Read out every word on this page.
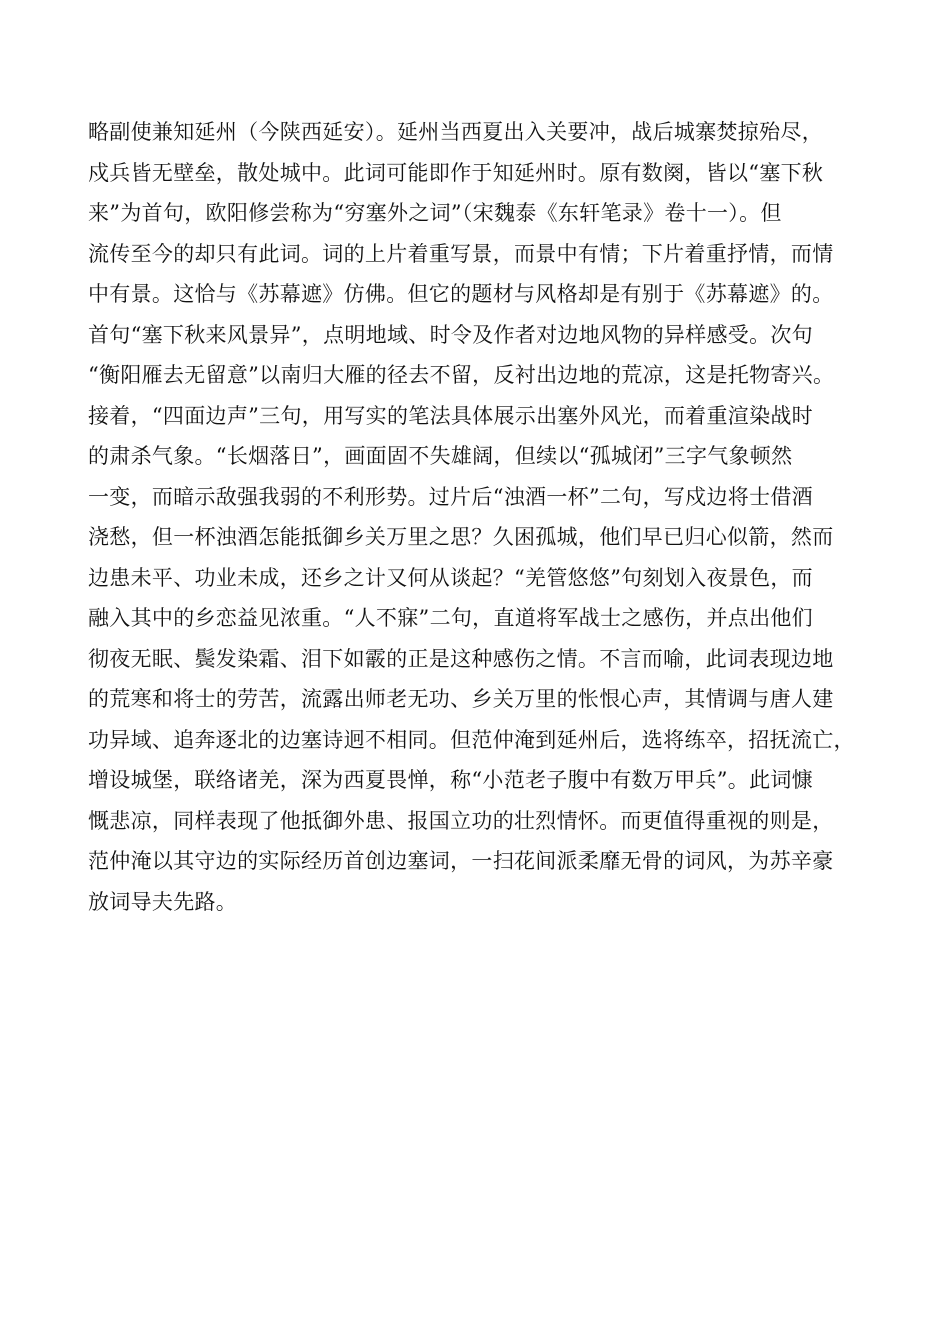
略副使兼知延州（今陕西延安）。延州当西夏出入关要冲，战后城寨焚掠殆尽，
戍兵皆无壁垒，散处城中。此词可能即作于知延州时。原有数阕，皆以“塞下秋
来”为首句，欧阳修尝称为“穷塞外之词”（宋魏泰《东轩笔录》卷十一）。但
流传至今的却只有此词。词的上片着重写景，而景中有情；下片着重抒情，而情
中有景。这恰与《苏幕遮》仿佛。但它的题材与风格却是有别于《苏幕遮》的。
首句“塞下秋来风景异”，点明地域、时令及作者对边地风物的异样感受。次句
“衡阳雁去无留意”以南归大雁的径去不留，反衬出边地的荒凉，这是托物寄兴。
接着，“四面边声”三句，用写实的笔法具体展示出塞外风光，而着重渲染战时
的肃杀气象。“长烟落日”，画面固不失雄阔，但续以“孤城闭”三字气象顿然
一变，而暗示敌强我弱的不利形势。过片后“浊酒一杯”二句，写戍边将士借酒
浇愁，但一杯浊酒怎能抵御乡关万里之思？久困孤城，他们早已归心似箭，然而
边患未平、功业未成，还乡之计又何从谈起？“羌管悠悠”句刻划入夜景色，而
融入其中的乡恋益见浓重。“人不寐”二句，直道将军战士之感伤，并点出他们
彻夜无眠、鬓发染霜、泪下如霰的正是这种感伤之情。不言而喻，此词表现边地
的荒寒和将士的劳苦，流露出师老无功、乡关万里的怅恨心声，其情调与唐人建
功异域、追奔逐北的边塞诗迥不相同。但范仲淹到延州后，选将练卒，招抚流亡，
增设城堡，联络诸羌，深为西夏畏惮，称“小范老子腹中有数万甲兵”。此词慷
慨悲凉，同样表现了他抵御外患、报国立功的壮烈情怀。而更值得重视的则是，
范仲淹以其守边的实际经历首创边塞词，一扫花间派柔靡无骨的词风，为苏辛豪
放词导夫先路。
